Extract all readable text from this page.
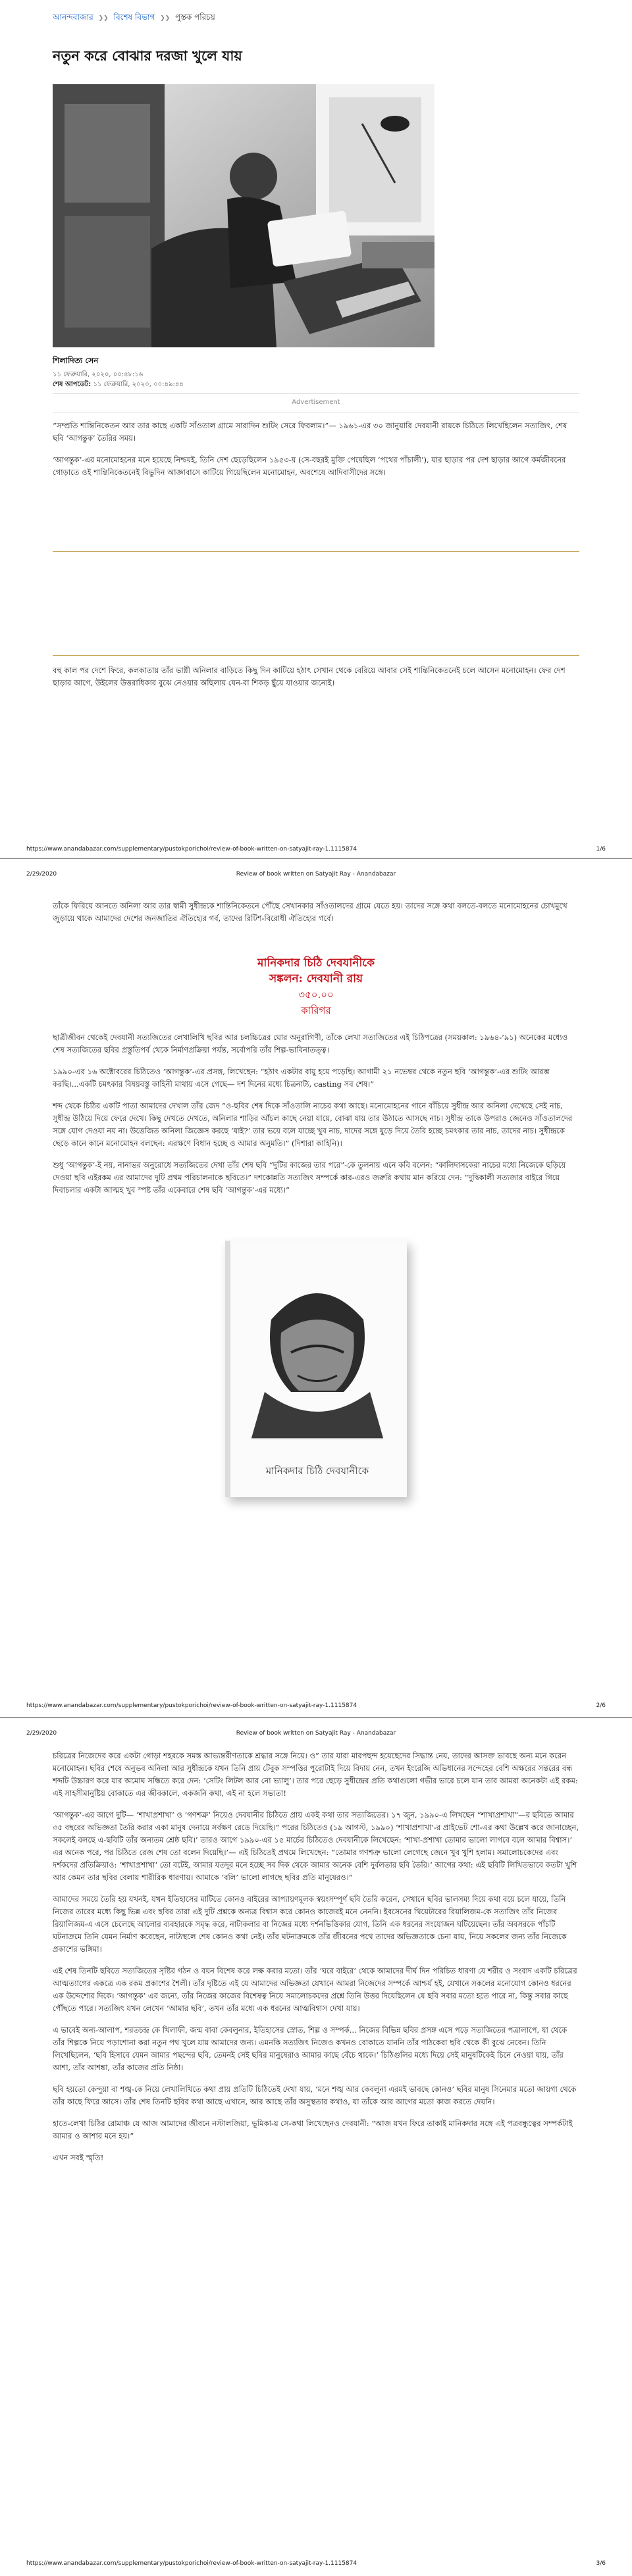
আনন্দবাজার ❯❯ বিশেষ বিভাগ ❯❯ পুস্তক পরিচয়
নতুন করে বোঝার দরজা খুলে যায়
শিলাদিত্য সেন
১১ ফেব্রুয়ারি, ২০২০, ০০:৪৮:১৬
শেষ আপডেট: ১১ ফেব্রুয়ারি, ২০২০, ০০:৪৯:৪৪
Advertisement

“সম্প্রতি শান্তিনিকেতন আর তার কাছে একটি সাঁওতাল গ্রামে সারাদিন শুটিং সেরে ফিরলাম।”— ১৯৬১-এর ৩০ জানুয়ারি দেবযানী রায়কে চিঠিতে লিখেছিলেন সত্যজিৎ, শেষ ছবি ‘আগন্তুক’ তৈরির সময়।

‘আগন্তুক’-এর মনোমোহনের মনে হয়েছে নিশ্চয়ই, তিনি দেশ ছেড়েছিলেন ১৯৫৩-য় (সে-বছরই মুক্তি পেয়েছিল ‘পথের পাঁচালী’), যার ছাড়ার পর দেশ ছাড়ার আগে কর্মজীবনের গোড়াতে ওই শান্তিনিকেতনেই বিভুদিন আজ্ঞাবাসে কাটিয়ে গিয়েছিলেন মনোমোহন, অবশেষে আদিবাসীদের সঙ্গে।

বহু কাল পর দেশে ফিরে, কলকাতায় তাঁর ভাগ্নী অনিলার বাড়িতে কিছু দিন কাটিয়ে হঠাৎ সেখান থেকে বেরিয়ে আবার সেই শান্তিনিকেতনেই চলে আসেন মনোমোহন। ফের দেশ ছাড়ার আগে, উইলের উত্তরাধিকার বুঝে নেওয়ার অছিলায় যেন-বা শিকড় ছুঁয়ে যাওয়ার জন্যেই।

https://www.anandabazar.com/supplementary/pustokporichoi/review-of-book-written-on-satyajit-ray-1.1115874	1/6
2/29/2020	Review of book written on Satyajit Ray - Anandabazar

তাঁকে ফিরিয়ে আনতে অনিলা আর তার স্বামী সুধীন্দ্রকে শান্তিনিকেতনে পৌঁছে সেখানকার সাঁওতালদের গ্রামে যেতে হয়। তাদের সঙ্গে কথা বলতে-বলতে মনোমোহনের চোখমুখে জুড়ায়ে থাকে আমাদের দেশের জনজাতির ঐতিহ্যের গর্ব, তাদের রিটিশ-বিরোধী ঐতিহ্যের গর্বে।

মানিকদার চিঠি দেবযানীকে
সঙ্কলন: দেবযানী রায়
৩৫০.০০
কারিগর

ছাত্রীজীবন থেকেই দেবযানী সত্যজিতের লেখালিখি ছবির আর চলচ্চিত্রের ঘোর অনুরাগিণী, তাঁকে লেখা সত্যজিতের এই চিঠিপত্রের (সময়কাল: ১৯৬৪-’৯১) অনেকের মধ্যেও শেষ সত্যজিতের ছবির প্রস্তুতিপর্ব থেকে নির্মাণপ্রক্রিয়া পর্যন্ত, সর্বোপরি তাঁর শিল্প-ভাবিনাতত্ত্ব।

১৯৯০-এর ১৬ অক্টোবরের চিঠিতেও ‘আগন্তুক’-এর প্রসঙ্গ, লিখেছেন: “হঠাৎ একটার বায়ু হয়ে পড়েছি। আগামী ২১ নভেম্বর থেকে নতুন ছবি ‘আগন্তুক’-এর শুটিং আরম্ভ করছি।...একটি চমৎকার বিষয়বস্তু কাহিনী মাথায় এসে গেছে— দশ দিনের মধ্যে চিত্রনাট্য, casting সব শেষ।”

শব্দ থেকে চিঠির একটি পাতা আমাদের দেখাল তাঁর জেদ “ও-ছবির শেষ দিকে সাঁওতালি নাচের কথা আছে। মনোমোহনের গানে বাঁচিয়ে সুধীন্দ্র আর অনিলা দেখেছে সেই নাচ, সুধীন্দ্র উঠিয়ে দিয়ে ফেরে দেখে। কিছু দেখতে দেখতে, অনিলার শাড়ির আঁচল কাছে নেয়া যায়ে, বোঝা যায় তার উঠাতে আসছে নাচ। সুধীন্দ্র তাকে উপরাও জেনেও সাঁওতালদের সঙ্গে যোগ দেওয়া নয় না। উত্তেজিত অনিলা জিজ্ঞেস করছে ‘যাই?’ তার ভয়ে বলে যাচ্ছে খুব নাচ, দাদের সঙ্গে যুড়ে দিয়ে তৈরি হচ্ছে চমৎকার তার নাচ, তাদের নাচ। সুধীন্দ্রকে ছেড়ে কানে কানে মনোমোহন বলছেন: এরক্ষণে বিধান হচ্ছে ও আমার অনুমতি।” (দিশারা কাহিনি)।

শুধু ‘আগন্তুক’-ই নয়, নানাভর অনুরোধে সত্যজিতের দেখা তাঁর শেষ ছবি “দুটির কাজের তার পরে”-কে তুলনায় এনে কবি বলেন: “কালিদাসকেরা নাচের মধ্যে নিজেকে ছড়িয়ে দেওয়া ছবি এইরকম এর আমাদের দুটি প্রথম পরিচালনাকে ছবিতে।” দশকোন্নতি সত্যজিৎ সম্পর্কে কার-এরও জরুরি কথায় মান করিয়ে দেন: “দুদ্বিকালী সত্যজার বাইরে গিয়ে দিবাচলার একটা আত্মহ খুব স্পষ্ট তাঁর একেবারে শেষ ছবি ‘আগন্তুক’-এর মধ্যে।”

মানিকদার চিঠি দেবযানীকে
https://www.anandabazar.com/supplementary/pustokporichoi/review-of-book-written-on-satyajit-ray-1.1115874	2/6
2/29/2020	Review of book written on Satyajit Ray - Anandabazar

চরিত্রের নিজেদের করে একটা গোড়া শহরকে সমস্ত আভ্যন্তরীণতাকে শ্রদ্ধার সঙ্গে নিয়ে। ও” তার যারা মারপছন্দ হয়েছেদের সিদ্ধান্ত নেয়, তাদের আসক্ত ভাবছে অন্য মনে করেন মনোমোহন। ছবির শেষে অনুভব অনিলা আর সুধীন্দ্রকে যখন তিনি প্রায় টেবুক সম্পত্তির পুরোটাই দিয়ে বিদায় নেন, তখন ইংরেজি অভিধানের সন্দেহের বেশি অক্ষরের সন্তরের বন্ধ শব্দটি উচ্চারণ করে যার অমোঘ সন্ধিতে করে দেন: ‘সেটিং লিটল আর নো ভ্যালু’। তার পরে ছেড়ে সুধীন্দ্রের প্রতি কথাগুলো গভীর ভারে চলে যান তার আমরা অনেকটা এই রকম: এই সাহসীমানুষ্টিয় বোকাতে এর জীবকালে, একজনি কথা, এই না হলে সভ্যতা!

‘আগন্তুক’-এর আগে দুটি— ‘শাখাপ্রশাখা’ ও ‘গণশত্রু’ নিয়েও দেবযানীর চিঠিতে প্রায় একই কথা তার সত্যজিতের। ১৭ জুন, ১৯৯০-এ লিখছেন “শাখাপ্রশাখা”—র ছবিতে আমার ৩৫ বছরের অভিজ্ঞতা তৈরি করার একা মানুষ দেনায়ে সর্বক্ষণ রেডে দিয়েছি।” পরের চিঠিতেও (১৯ আগস্ট, ১৯৯০) ‘শাখাপ্রশাখা’-র প্রাইভেট শো-এর কথা উল্লেখ করে জানাচ্ছেন, সকলেই বলছে এ-ছবিটি তাঁর অন্যতম শ্রেষ্ঠ ছবি।’ তারও আগে ১৯৯০-এর ১৫ মার্চের চিঠিতেও দেবযানীকে লিখেছেন: ‘শাখা-প্রশাখা তোমার ভালো লাগবে বলে আমার বিশ্বাস।’ এর অনেক পরে, পর চিঠিতে রেজ শেষ তো বলেন দিয়েছি।’— এই চিঠিতেই প্রথমে লিখেছেন: “তোমার গণশত্রু ভালো লেগেছে জেনে খুব খুশি হলাম। সমালোচকেদের এবং দর্শকদের প্রতিক্রিয়াও: ‘শাখাপ্রশাখা’ তো বটেই, আমার যতদূর মনে হচ্ছে সব দিক থেকে আমার অনেক বেশি দুর্বলতার ছবি তৈরি।’ আগের কথা: এই ছবিটি লিখিতভাবে কতটা খুশি আর কেমন তার ছবির বেলায় শারীরিক ধারণায়। আমাকে ‘বলি’ ভালো লাগছে ছবির প্রতি মানুষেরও।”

আমাদের সময়ে তৈরি হয় যখনই, যখন ইতিহাসের মাটিতে কোনও বাইরের আপ্যায়ণমূলক স্বয়ংসম্পূর্ণ ছবি তৈরি করেন, সেখানে ছবির ভালসম্য দিয়ে কথা বয়ে চলে যায়ে, তিনি নিজের তারের মধ্যে কিছু ভিন্ন এবং ছবির তারা এই দুটি প্রশ্নকে অন্যত্র বিশ্বাস করে কোনও কাজেরই মনে নেননি। ইবসেনের থিয়েটারের রিয়ালিজম-কে সত্যজিৎ তাঁর নিজের রিয়ালিজম-এ এসে চেলেছে আলোর ব্যবহারকে সমৃদ্ধ করে, নাট্যকলার বা নিজের মধ্যে দর্শনভিত্তিকার যোগ, তিনি এক ধরনের সংযোজন ঘটিয়েছেন। তাঁর অবসরকে পাঁচটি ঘটনাক্রমে তিনি যেমন নির্মাণ করেছেন, নাট্যস্থলে শেষ কোনও কথা নেই। তাঁর ঘটনাক্রমকে তাঁর জীবনের পথে তাদের অভিজ্ঞতাকে চেনা যায়, নিয়ে সকলের জন্য তাঁর নিজেকে প্রকাশের ভঙ্গিমা।

এই শেষ তিনটি ছবিতে সত্যজিতের সৃষ্টির গঠন ও বয়ন বিশেষ করে লক্ষ করার মতো। তাঁর ‘ঘরে বাইরে’ থেকে আমাদের দীর্ঘ দিন পরিচিত ধারণা যে শরীর ও সংবাদ একটি চরিত্রের আত্মত্যাগের একত্রে এক রকম প্রকাশের শৈলী। তাঁর দৃষ্টিতে এই যে আমাদের অভিজ্ঞতা যেখানে আমরা নিজেদের সম্পর্কে আশ্চর্য হই, যেখানে সকলের মনোযোগ কোনও ধরনের এক উদ্দেশ্যের দিকে। ‘আগন্তুক’ এর জন্যে, তাঁর নিজের কাজের বিশেষত্ব নিয়ে সমালোচকদের প্রশ্নে তিনি উত্তর দিয়েছিলেন যে ছবি সবার মতো হতে পারে না, কিন্তু সবার কাছে পৌঁছতে পারে। সত্যজিৎ যখন লেখেন ‘আমার ছবি’, তখন তাঁর মধ্যে এক ধরনের আত্মবিশ্বাস দেখা যায়।

এ ভাবেই অন্য-আলাপ, শরতচন্দ্র কে খিলাফী, জন্ম বাবা কেবলুনার, ইতিহাসের স্রোত, শিল্প ও সম্পর্ক... নিজের বিভিন্ন ছবির প্রসঙ্গ এসে পড়ে সত্যজিতের পত্রালাপে, যা থেকে তাঁর শিল্পকে নিয়ে পড়াশোনা করা নতুন পথ খুলে যায় আমাদের জন্য। এমনকি সত্যজিৎ নিজেও কখনও বোকাতে যাননি তাঁর পাঠকেরা ছবি থেকে কী বুঝে নেবেন। তিনি লিখেছিলেন, ‘ছবি হিসাবে যেমন আমার পছন্দের ছবি, তেমনই সেই ছবির মানুষেরাও আমার কাছে বেঁচে থাকে।’ চিঠিগুলির মধ্যে দিয়ে সেই মানুষটিকেই চিনে নেওয়া যায়, তাঁর আশা, তাঁর আশঙ্কা, তাঁর কাজের প্রতি নিষ্ঠা।

ছবি হয়তো কেন্দুয়া বা শঙ্খ-কে নিয়ে লেখালিখিতে কথা প্রায় প্রতিটি চিঠিতেই দেখা যায়, ‘মনে শঙ্খ আর কেবলুনা এরমই ভাবছে কোনও’ ছবির মানুষ সিনেমার মতো জায়গা থেকে তাঁর কাছে ফিরে আসে। তাঁর শেষ তিনটি ছবির কথা আছে এখানে, আর আছে তাঁর অসুস্থতার কথাও, যা তাঁকে আর আগের মতো কাজ করতে দেয়নি।

হাতে-লেখা চিঠির রোমাঞ্চ যে আজ আমাদের জীবনে নস্টালজিয়া, ভূমিকা-য় সে-কথা লিখেছেনও দেবযানী: “আজ যখন ফিরে তাকাই মানিকদার সঙ্গে এই পত্রবন্ধুত্বের সম্পর্কটাই আমার ও আশার মনে হয়।”

এখন সবই স্মৃতি!

https://www.anandabazar.com/supplementary/pustokporichoi/review-of-book-written-on-satyajit-ray-1.1115874	3/6
